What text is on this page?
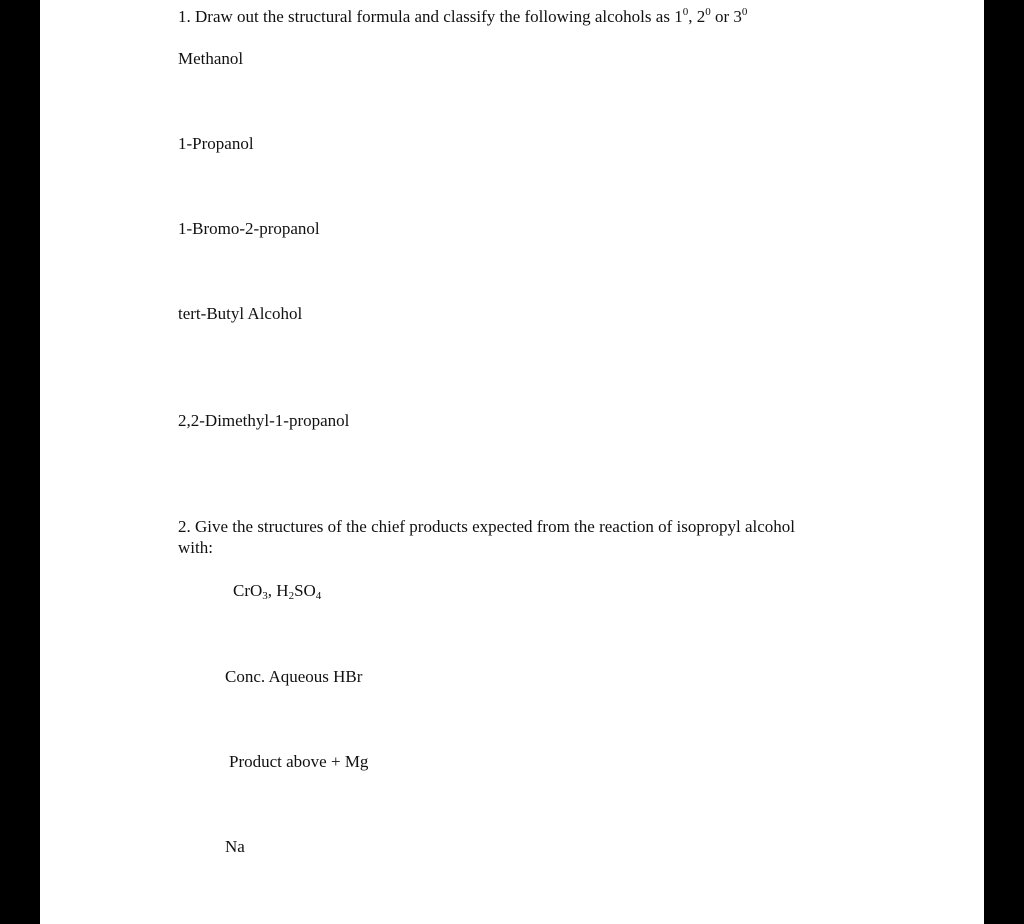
1. Draw out the structural formula and classify the following alcohols as $1^0$, $2^0$ or $3^0$
Methanol
1-Propanol
1-Bromo-2-propanol
tert-Butyl Alcohol
2,2-Dimethyl-1-propanol
2. Give the structures of the chief products expected from the reaction of isopropyl alcohol with:
CrO$_3$, $H_2SO_4$
Conc. Aqueous HBr
Product above + Mg
Na
